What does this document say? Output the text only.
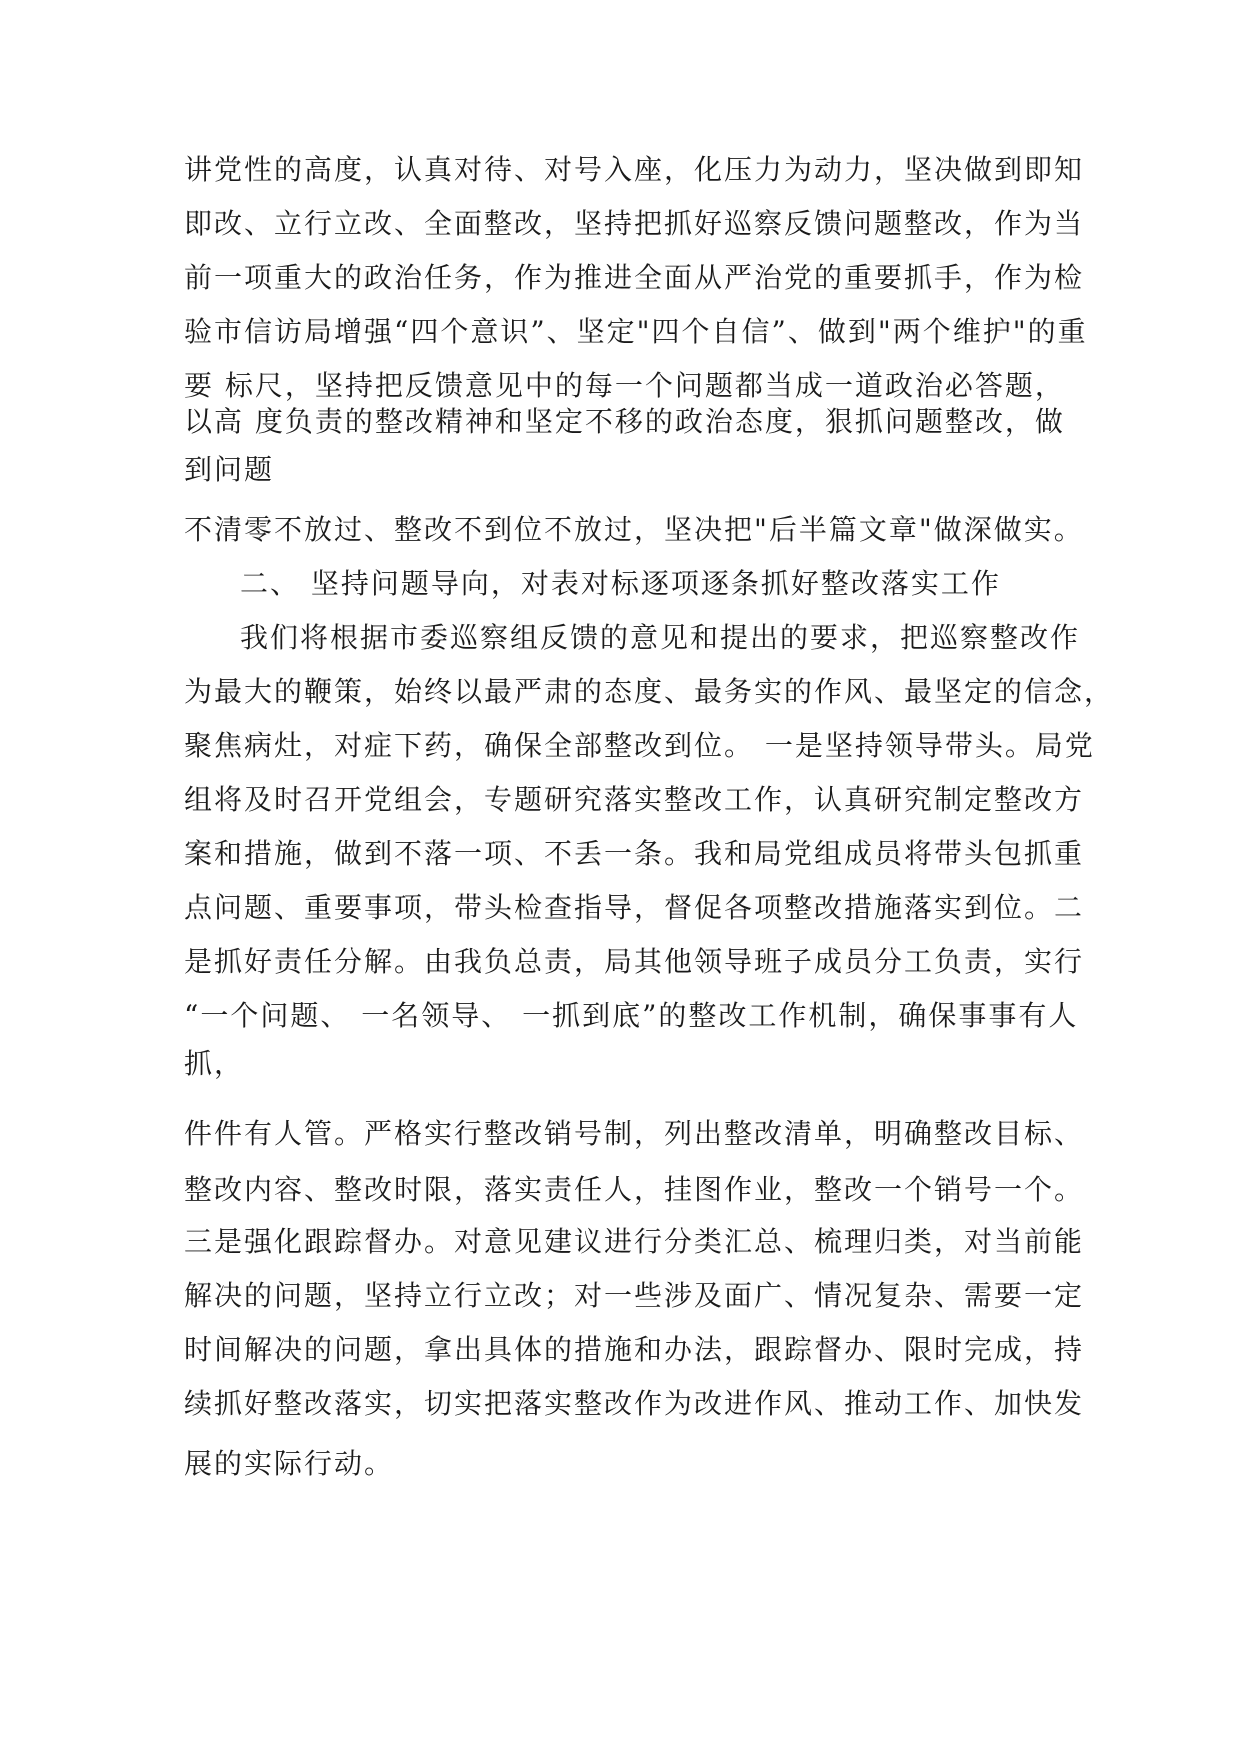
讲党性的高度，认真对待、对号入座，化压力为动力，坚决做到即知
即改、立行立改、全面整改，坚持把抓好巡察反馈问题整改，作为当
前一项重大的政治任务，作为推进全面从严治党的重要抓手，作为检
验市信访局增强“四个意识”、坚定"四个自信”、做到"两个维护"的重
要 标尺，坚持把反馈意见中的每一个问题都当成一道政治必答题，
以高 度负责的整改精神和坚定不移的政治态度，狠抓问题整改，做
到问题
不清零不放过、整改不到位不放过，坚决把"后半篇文章"做深做实。
二、 坚持问题导向，对表对标逐项逐条抓好整改落实工作
我们将根据市委巡察组反馈的意见和提出的要求，把巡察整改作
为最大的鞭策，始终以最严肃的态度、最务实的作风、最坚定的信念，
聚焦病灶，对症下药，确保全部整改到位。 一是坚持领导带头。局党
组将及时召开党组会，专题研究落实整改工作，认真研究制定整改方
案和措施，做到不落一项、不丢一条。我和局党组成员将带头包抓重
点问题、重要事项，带头检查指导，督促各项整改措施落实到位。二
是抓好责任分解。由我负总责，局其他领导班子成员分工负责，实行
“一个问题、 一名领导、 一抓到底”的整改工作机制，确保事事有人
抓，
件件有人管。严格实行整改销号制，列出整改清单，明确整改目标、
整改内容、整改时限，落实责任人，挂图作业，整改一个销号一个。
三是强化跟踪督办。对意见建议进行分类汇总、梳理归类，对当前能
解决的问题，坚持立行立改；对一些涉及面广、情况复杂、需要一定
时间解决的问题，拿出具体的措施和办法，跟踪督办、限时完成，持
续抓好整改落实，切实把落实整改作为改进作风、推动工作、加快发
展的实际行动。
